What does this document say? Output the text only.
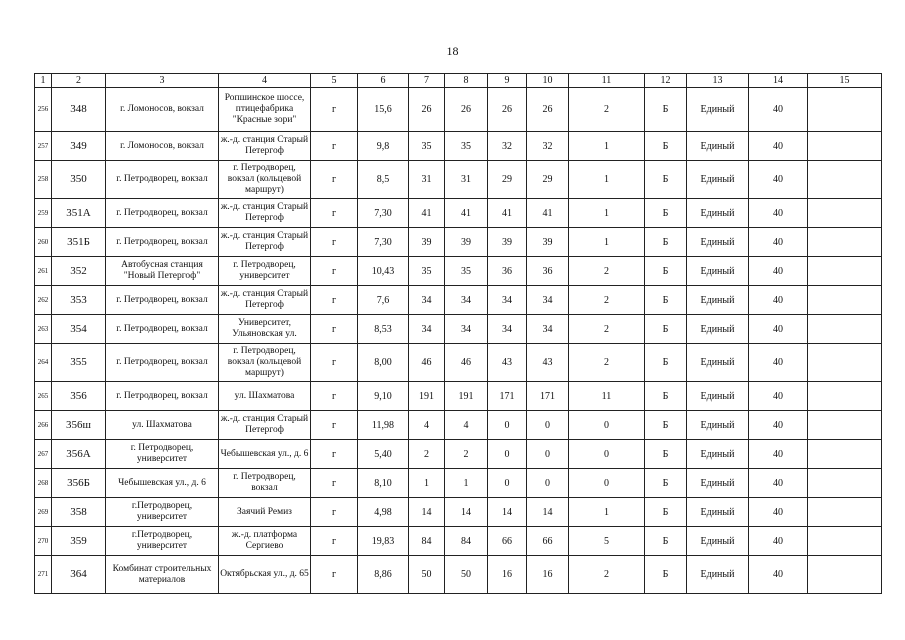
18
1	2	3	4	5	6	7	8	9	10	11	12	13	14	15
256	348	г. Ломоносов, вокзал	Ропшинское шоссе, птицефабрика "Красные зори"	г	15,6	26	26	26	26	2	Б	Единый	40	
257	349	г. Ломоносов, вокзал	ж.-д. станция Старый Петергоф	г	9,8	35	35	32	32	1	Б	Единый	40	
258	350	г. Петродворец, вокзал	г. Петродворец, вокзал (кольцевой маршрут)	г	8,5	31	31	29	29	1	Б	Единый	40	
259	351А	г. Петродворец, вокзал	ж.-д. станция Старый Петергоф	г	7,30	41	41	41	41	1	Б	Единый	40	
260	351Б	г. Петродворец, вокзал	ж.-д. станция Старый Петергоф	г	7,30	39	39	39	39	1	Б	Единый	40	
261	352	Автобусная станция "Новый Петергоф"	г. Петродворец, университет	г	10,43	35	35	36	36	2	Б	Единый	40	
262	353	г. Петродворец, вокзал	ж.-д. станция Старый Петергоф	г	7,6	34	34	34	34	2	Б	Единый	40	
263	354	г. Петродворец, вокзал	Университет, Ульяновская ул.	г	8,53	34	34	34	34	2	Б	Единый	40	
264	355	г. Петродворец, вокзал	г. Петродворец, вокзал (кольцевой маршрут)	г	8,00	46	46	43	43	2	Б	Единый	40	
265	356	г. Петродворец, вокзал	ул. Шахматова	г	9,10	191	191	171	171	11	Б	Единый	40	
266	356ш	ул. Шахматова	ж.-д. станция Старый Петергоф	г	11,98	4	4	0	0	0	Б	Единый	40	
267	356А	г. Петродворец, университет	Чебышевская ул., д. 6	г	5,40	2	2	0	0	0	Б	Единый	40	
268	356Б	Чебышевская ул., д. 6	г. Петродворец, вокзал	г	8,10	1	1	0	0	0	Б	Единый	40	
269	358	г.Петродворец, университет	Заячий Ремиз	г	4,98	14	14	14	14	1	Б	Единый	40	
270	359	г.Петродворец, университет	ж.-д. платформа Сергиево	г	19,83	84	84	66	66	5	Б	Единый	40	
271	364	Комбинат строительных материалов	Октябрьская ул., д. 65	г	8,86	50	50	16	16	2	Б	Единый	40	
